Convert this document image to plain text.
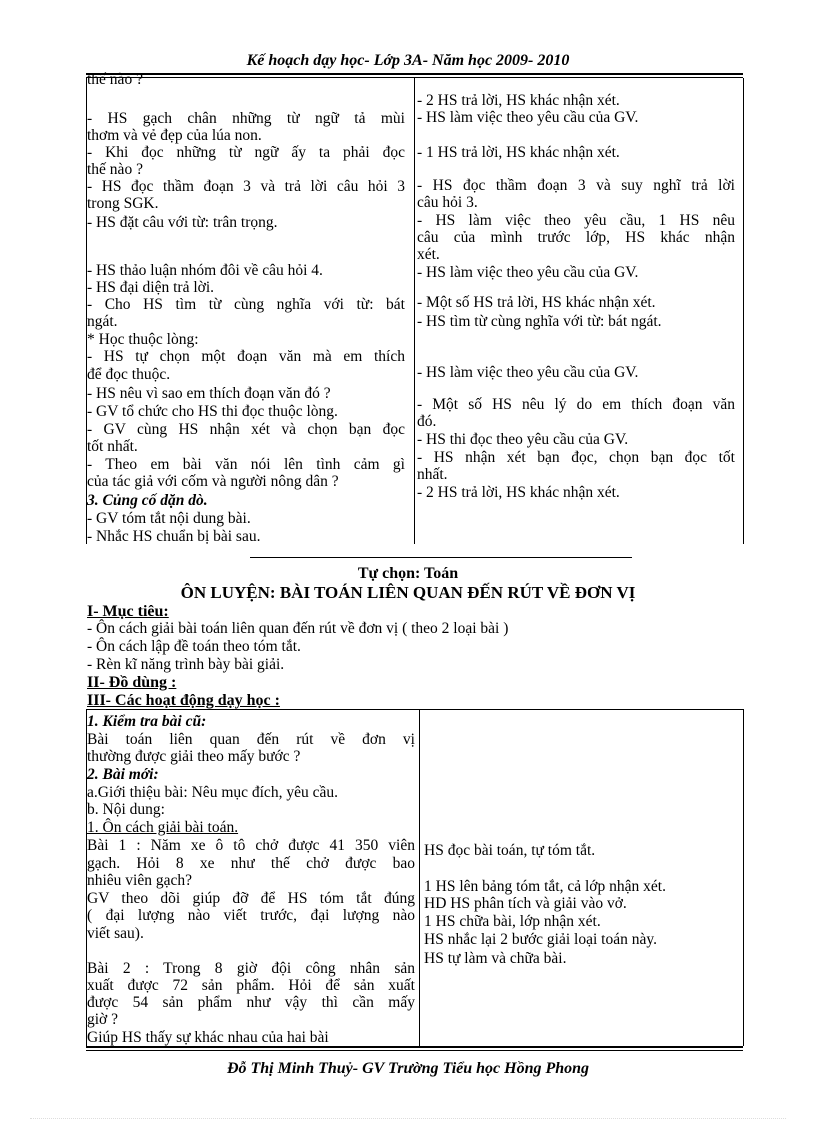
Kế hoạch dạy học- Lớp 3A- Năm học 2009- 2010
thế nào ?
- HS gạch chân những từ ngữ tả mùi
thơm và vẻ đẹp của lúa non.
- Khi đọc những từ ngữ ấy ta phải đọc
thế nào ?
- HS đọc thầm đoạn 3 và trả lời câu hỏi 3
trong SGK.
- HS đặt câu với từ: trân trọng.
- HS thảo luận nhóm đôi về câu hỏi 4.
- HS đại diện trả lời.
- Cho HS tìm từ cùng nghĩa với từ: bát
ngát.
* Học thuộc lòng:
- HS tự chọn một đoạn văn mà em thích
để đọc thuộc.
- HS nêu vì sao em thích đoạn văn đó ?
- GV tổ chức cho HS thi đọc thuộc lòng.
- GV cùng HS nhận xét và chọn bạn đọc
tốt nhất.
- Theo em bài văn nói lên tình cảm gì
của tác giả với cốm và người nông dân ?
3. Củng cố dặn dò.
- GV tóm tắt nội dung bài.
- Nhắc HS chuẩn bị bài sau.
- 2 HS trả lời, HS khác nhận xét.
- HS làm việc theo yêu cầu của GV.
- 1 HS trả lời, HS khác nhận xét.
- HS đọc thầm đoạn 3 và suy nghĩ trả lời
câu hỏi 3.
- HS làm việc theo yêu cầu, 1 HS nêu
câu của mình trước lớp, HS khác nhận
xét.
- HS làm việc theo yêu cầu của GV.
- Một số HS trả lời, HS khác nhận xét.
- HS tìm từ cùng nghĩa với từ: bát ngát.
- HS làm việc theo yêu cầu của GV.
- Một số HS nêu lý do em thích đoạn văn
đó.
- HS thi đọc theo yêu cầu của GV.
- HS nhận xét bạn đọc, chọn bạn đọc tốt
nhất.
- 2 HS trả lời, HS khác nhận xét.
Tự chọn: Toán
ÔN LUYỆN: BÀI TOÁN LIÊN QUAN ĐẾN RÚT VỀ ĐƠN VỊ
I- Mục tiêu:
- Ôn cách giải bài toán liên quan đến rút về đơn vị ( theo 2 loại bài )
- Ôn cách lập đề toán theo tóm tắt.
- Rèn kĩ năng trình bày bài giải.
II- Đồ dùng :
III- Các hoạt động dạy học :
1. Kiểm tra bài cũ:
Bài toán liên quan đến rút về đơn vị
thường được giải theo mấy bước ?
2. Bài mới:
a.Giới thiệu bài: Nêu mục đích, yêu cầu.
b. Nội dung:
1. Ôn cách giải bài toán.
Bài 1 : Năm xe ô tô chở được 41 350 viên
gạch. Hỏi 8 xe như thế chở được bao
nhiêu viên gạch?
GV theo dõi giúp đỡ để HS tóm tắt đúng
( đại lượng nào viết trước, đại lượng nào
viết sau).
Bài 2 : Trong 8 giờ đội công nhân sản
xuất được 72 sản phẩm. Hỏi để sản xuất
được 54 sản phẩm như vậy thì cần mấy
giờ ?
Giúp HS thấy sự khác nhau của hai bài
HS đọc bài toán, tự tóm tắt.
1 HS lên bảng tóm tắt, cả lớp nhận xét.
HD HS phân tích và giải vào vở.
1 HS chữa bài, lớp nhận xét.
HS nhắc lại 2 bước giải loại toán này.
HS tự làm và chữa bài.
Đỗ Thị Minh Thuỷ- GV Trường Tiểu học Hồng Phong
